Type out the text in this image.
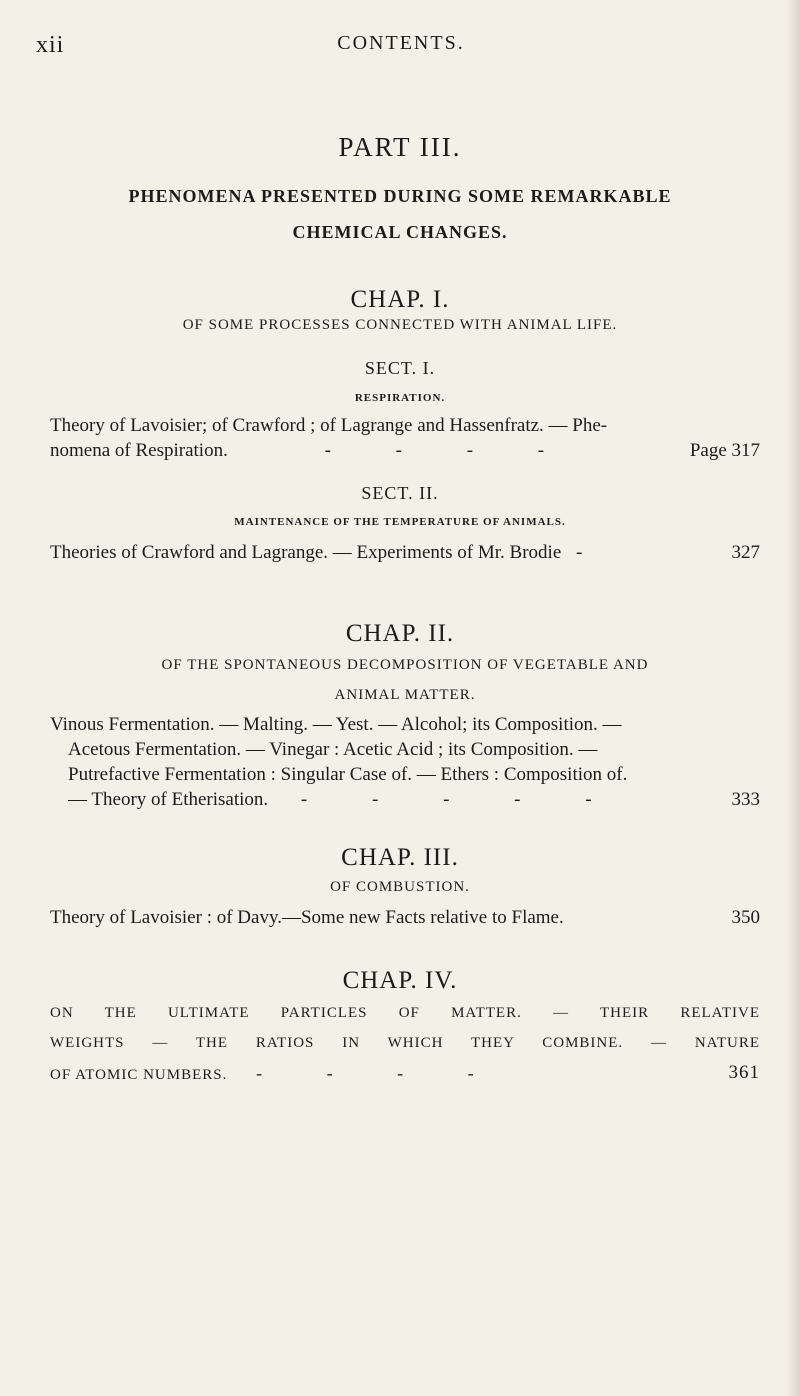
xii	CONTENTS.
PART III.
PHENOMENA PRESENTED DURING SOME REMARKABLE
CHEMICAL CHANGES.
CHAP. I.
OF SOME PROCESSES CONNECTED WITH ANIMAL LIFE.
SECT. I.
RESPIRATION.
Theory of Lavoisier; of Crawford ; of Lagrange and Hassenfratz. — Phe-
nomena of Respiration.	- - - -	Page 317
SECT. II.
MAINTENANCE OF THE TEMPERATURE OF ANIMALS.
Theories of Crawford and Lagrange. — Experiments of Mr. Brodie -	327
CHAP. II.
OF THE SPONTANEOUS DECOMPOSITION OF VEGETABLE AND
ANIMAL MATTER.
Vinous Fermentation. — Malting. — Yest. — Alcohol; its Composition. —
Acetous Fermentation. — Vinegar : Acetic Acid ; its Composition. —
Putrefactive Fermentation : Singular Case of. — Ethers : Composition of.
— Theory of Etherisation. - - - - -	333
CHAP. III.
OF COMBUSTION.
Theory of Lavoisier : of Davy.—Some new Facts relative to Flame.	350
CHAP. IV.
ON THE ULTIMATE PARTICLES OF MATTER. — THEIR RELATIVE
WEIGHTS — THE RATIOS IN WHICH THEY COMBINE. — NATURE
OF ATOMIC NUMBERS. - - - -	361
